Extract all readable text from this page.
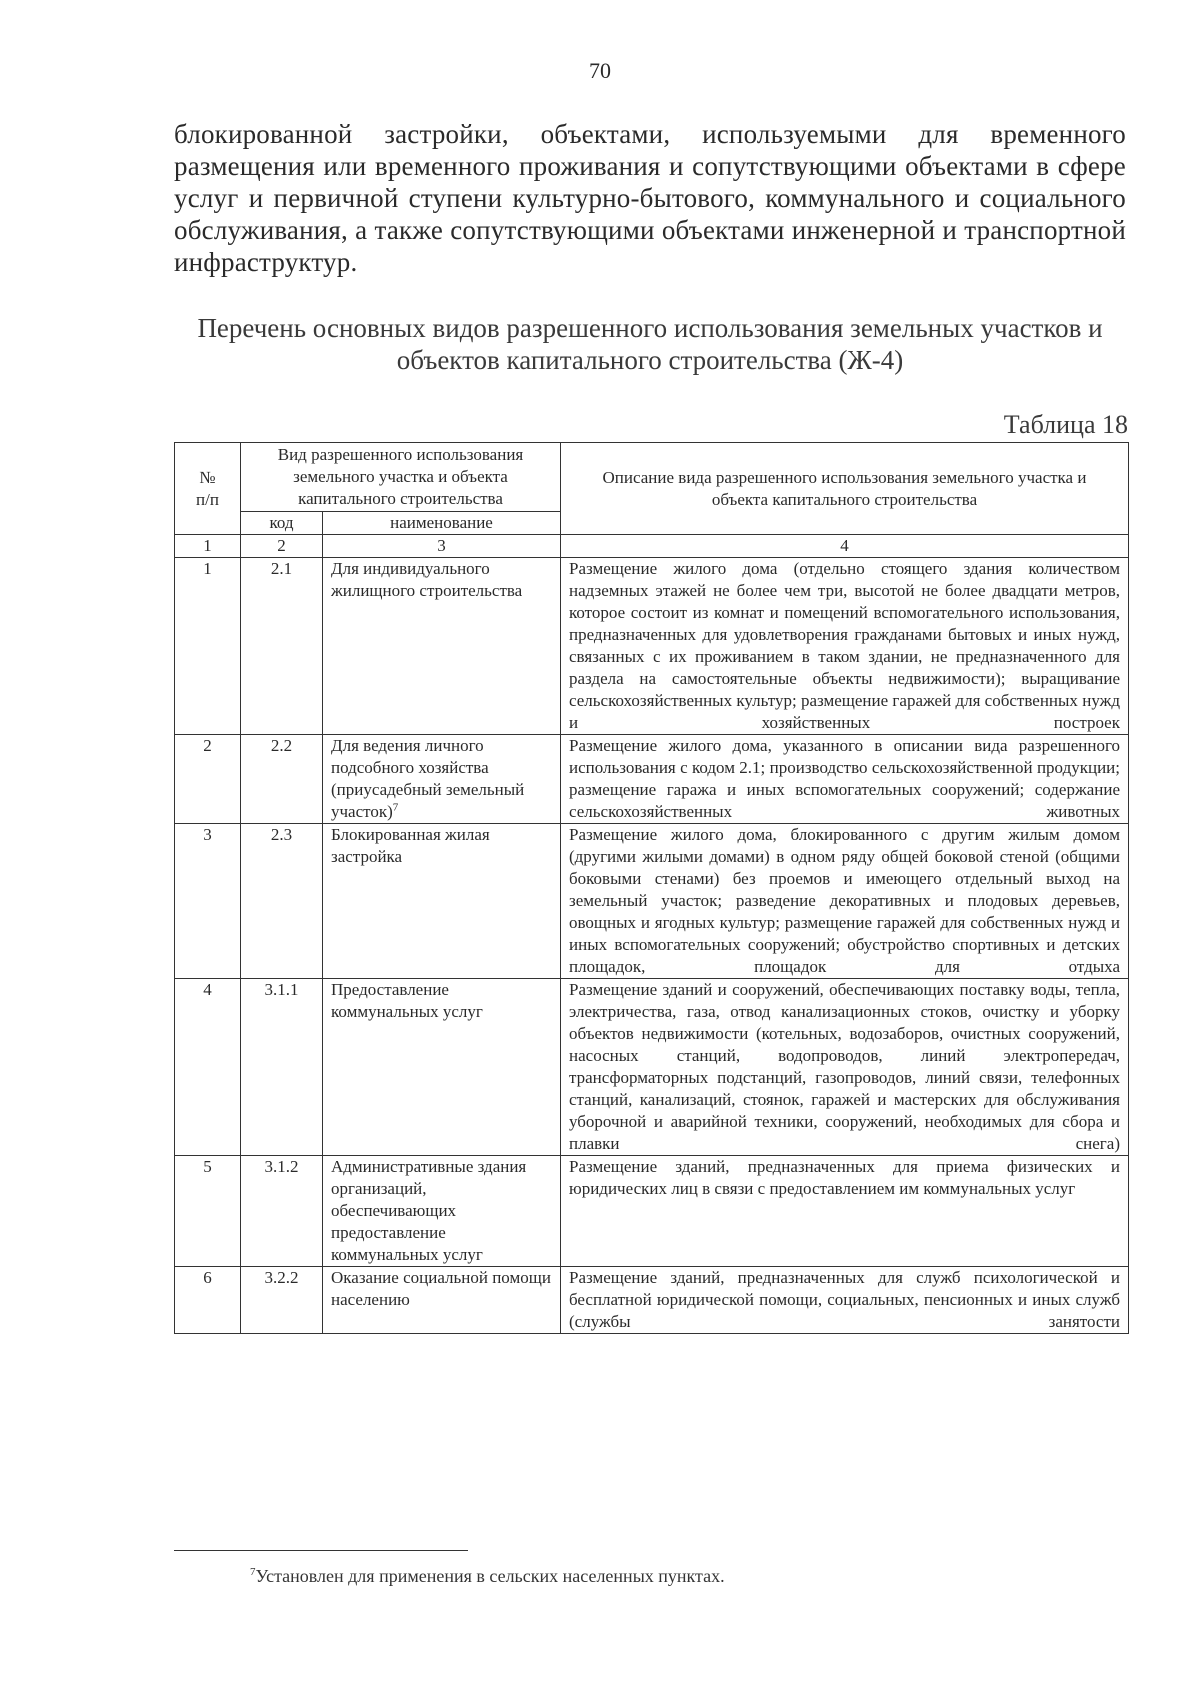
70

блокированной застройки, объектами, используемыми для временного размещения или временного проживания и сопутствующими объектами в сфере услуг и первичной ступени культурно-бытового, коммунального и социального обслуживания, а также сопутствующими объектами инженерной и транспортной инфраструктур.

Перечень основных видов разрешенного использования земельных участков и объектов капитального строительства (Ж-4)

Таблица 18
№ п/п	Вид разрешенного использования земельного участка и объекта капитального строительства		Описание вида разрешенного использования земельного участка и объекта капитального строительства
	код	наименование	
1	2	3	4
1	2.1	Для индивидуального жилищного строительства	Размещение жилого дома (отдельно стоящего здания количеством надземных этажей не более чем три, высотой не более двадцати метров, которое состоит из комнат и помещений вспомогательного использования, предназначенных для удовлетворения гражданами бытовых и иных нужд, связанных с их проживанием в таком здании, не предназначенного для раздела на самостоятельные объекты недвижимости); выращивание сельскохозяйственных культур; размещение гаражей для собственных нужд и хозяйственных построек
2	2.2	Для ведения личного подсобного хозяйства (приусадебный земельный участок)$^7$	Размещение жилого дома, указанного в описании вида разрешенного использования с кодом 2.1; производство сельскохозяйственной продукции; размещение гаража и иных вспомогательных сооружений; содержание сельскохозяйственных животных
3	2.3	Блокированная жилая застройка	Размещение жилого дома, блокированного с другим жилым домом (другими жилыми домами) в одном ряду общей боковой стеной (общими боковыми стенами) без проемов и имеющего отдельный выход на земельный участок; разведение декоративных и плодовых деревьев, овощных и ягодных культур; размещение гаражей для собственных нужд и иных вспомогательных сооружений; обустройство спортивных и детских площадок, площадок для отдыха
4	3.1.1	Предоставление коммунальных услуг	Размещение зданий и сооружений, обеспечивающих поставку воды, тепла, электричества, газа, отвод канализационных стоков, очистку и уборку объектов недвижимости (котельных, водозаборов, очистных сооружений, насосных станций, водопроводов, линий электропередач, трансформаторных подстанций, газопроводов, линий связи, телефонных станций, канализаций, стоянок, гаражей и мастерских для обслуживания уборочной и аварийной техники, сооружений, необходимых для сбора и плавки снега)
5	3.1.2	Административные здания организаций, обеспечивающих предоставление коммунальных услуг	Размещение зданий, предназначенных для приема физических и юридических лиц в связи с предоставлением им коммунальных услуг
6	3.2.2	Оказание социальной помощи населению	Размещение зданий, предназначенных для служб психологической и бесплатной юридической помощи, социальных, пенсионных и иных служб (службы занятости
$^7$Установлен для применения в сельских населенных пунктах.
